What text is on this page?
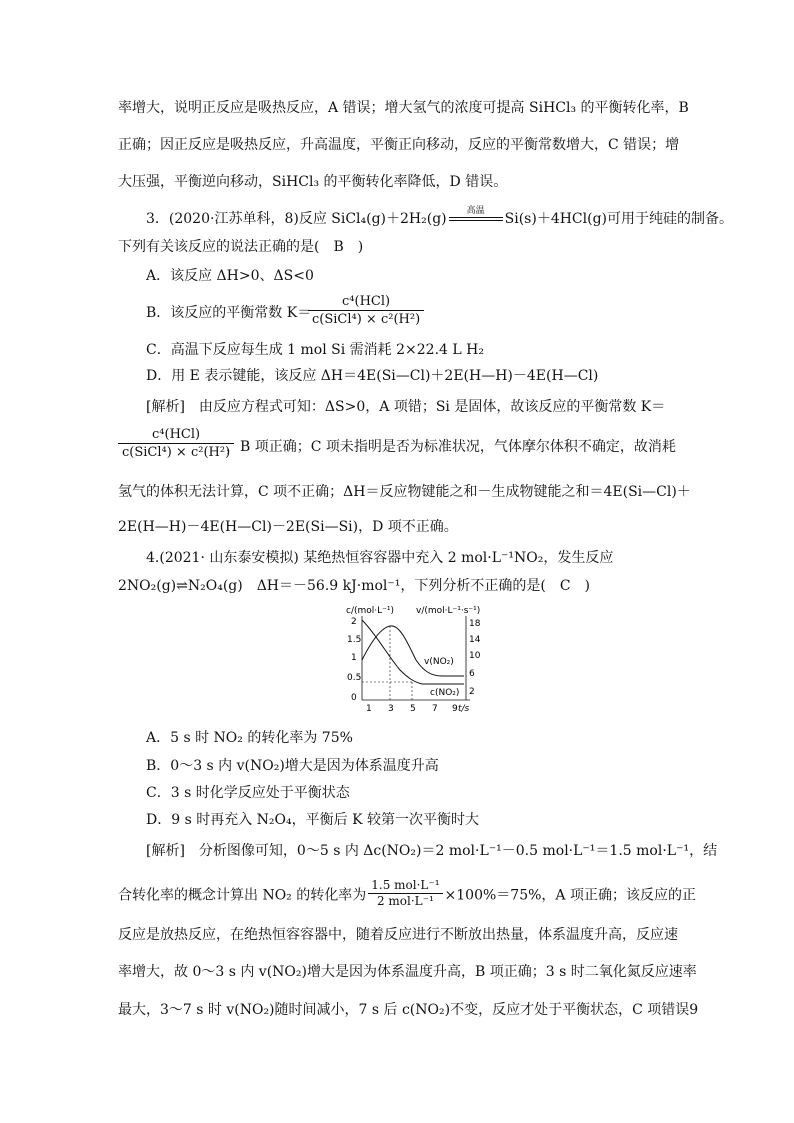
率增大，说明正反应是吸热反应，A 错误；增大氢气的浓度可提高 SiHCl₃ 的平衡转化率，B
正确；因正反应是吸热反应，升高温度，平衡正向移动，反应的平衡常数增大，C 错误；增
大压强，平衡逆向移动，SiHCl₃ 的平衡转化率降低，D 错误。
3．(2020·江苏单科，8)反应 SiCl₄(g)＋2H₂(g)	高温	Si(s)＋4HCl(g)可用于纯硅的制备。
下列有关该反应的说法正确的是(　B　)
A．该反应 ΔH>0、ΔS<0
B．该反应的平衡常数 K＝
c⁴(HCl)
c(SiCl⁴) × c²(H²)
C．高温下反应每生成 1 mol Si 需消耗 2×22.4 L H₂
D．用 E 表示键能，该反应 ΔH＝4E(Si—Cl)＋2E(H—H)－4E(H—Cl)
[解析]　由反应方程式可知：ΔS>0，A 项错；Si 是固体，故该反应的平衡常数 K＝
c⁴(HCl)
c(SiCl⁴) × c²(H²)
，B 项正确；C 项未指明是否为标准状况，气体摩尔体积不确定，故消耗
氢气的体积无法计算，C 项不正确；ΔH＝反应物键能之和－生成物键能之和＝4E(Si—Cl)＋
2E(H—H)－4E(H—Cl)－2E(Si—Si)，D 项不正确。
4.(2021· 山东泰安模拟) 某绝热恒容容器中充入 2 mol·L⁻¹NO₂，发生反应
2NO₂(g)⇌N₂O₄(g)　ΔH＝－56.9 kJ·mol⁻¹，下列分析不正确的是(　C　)
c/(mol·L⁻¹) v/(mol·L⁻¹·s⁻¹)
2
1.5
1
0.5
0
18
14
10
6
2
1 3 5 7 9 t/s
v(NO₂)
c(NO₂)
A．5 s 时 NO₂ 的转化率为 75%
B．0～3 s 内 v(NO₂)增大是因为体系温度升高
C．3 s 时化学反应处于平衡状态
D．9 s 时再充入 N₂O₄，平衡后 K 较第一次平衡时大
[解析]　分析图像可知，0～5 s 内 Δc(NO₂)＝2 mol·L⁻¹－0.5 mol·L⁻¹＝1.5 mol·L⁻¹，结
合转化率的概念计算出 NO₂ 的转化率为
1.5 mol·L⁻¹
2 mol·L⁻¹ ×100%＝75%，A 项正确；该反应的正
反应是放热反应，在绝热恒容容器中，随着反应进行不断放出热量，体系温度升高，反应速
率增大，故 0～3 s 内 v(NO₂)增大是因为体系温度升高，B 项正确；3 s 时二氧化氮反应速率
最大，3～7 s 时 v(NO₂)随时间减小，7 s 后 c(NO₂)不变，反应才处于平衡状态，C 项错误9
